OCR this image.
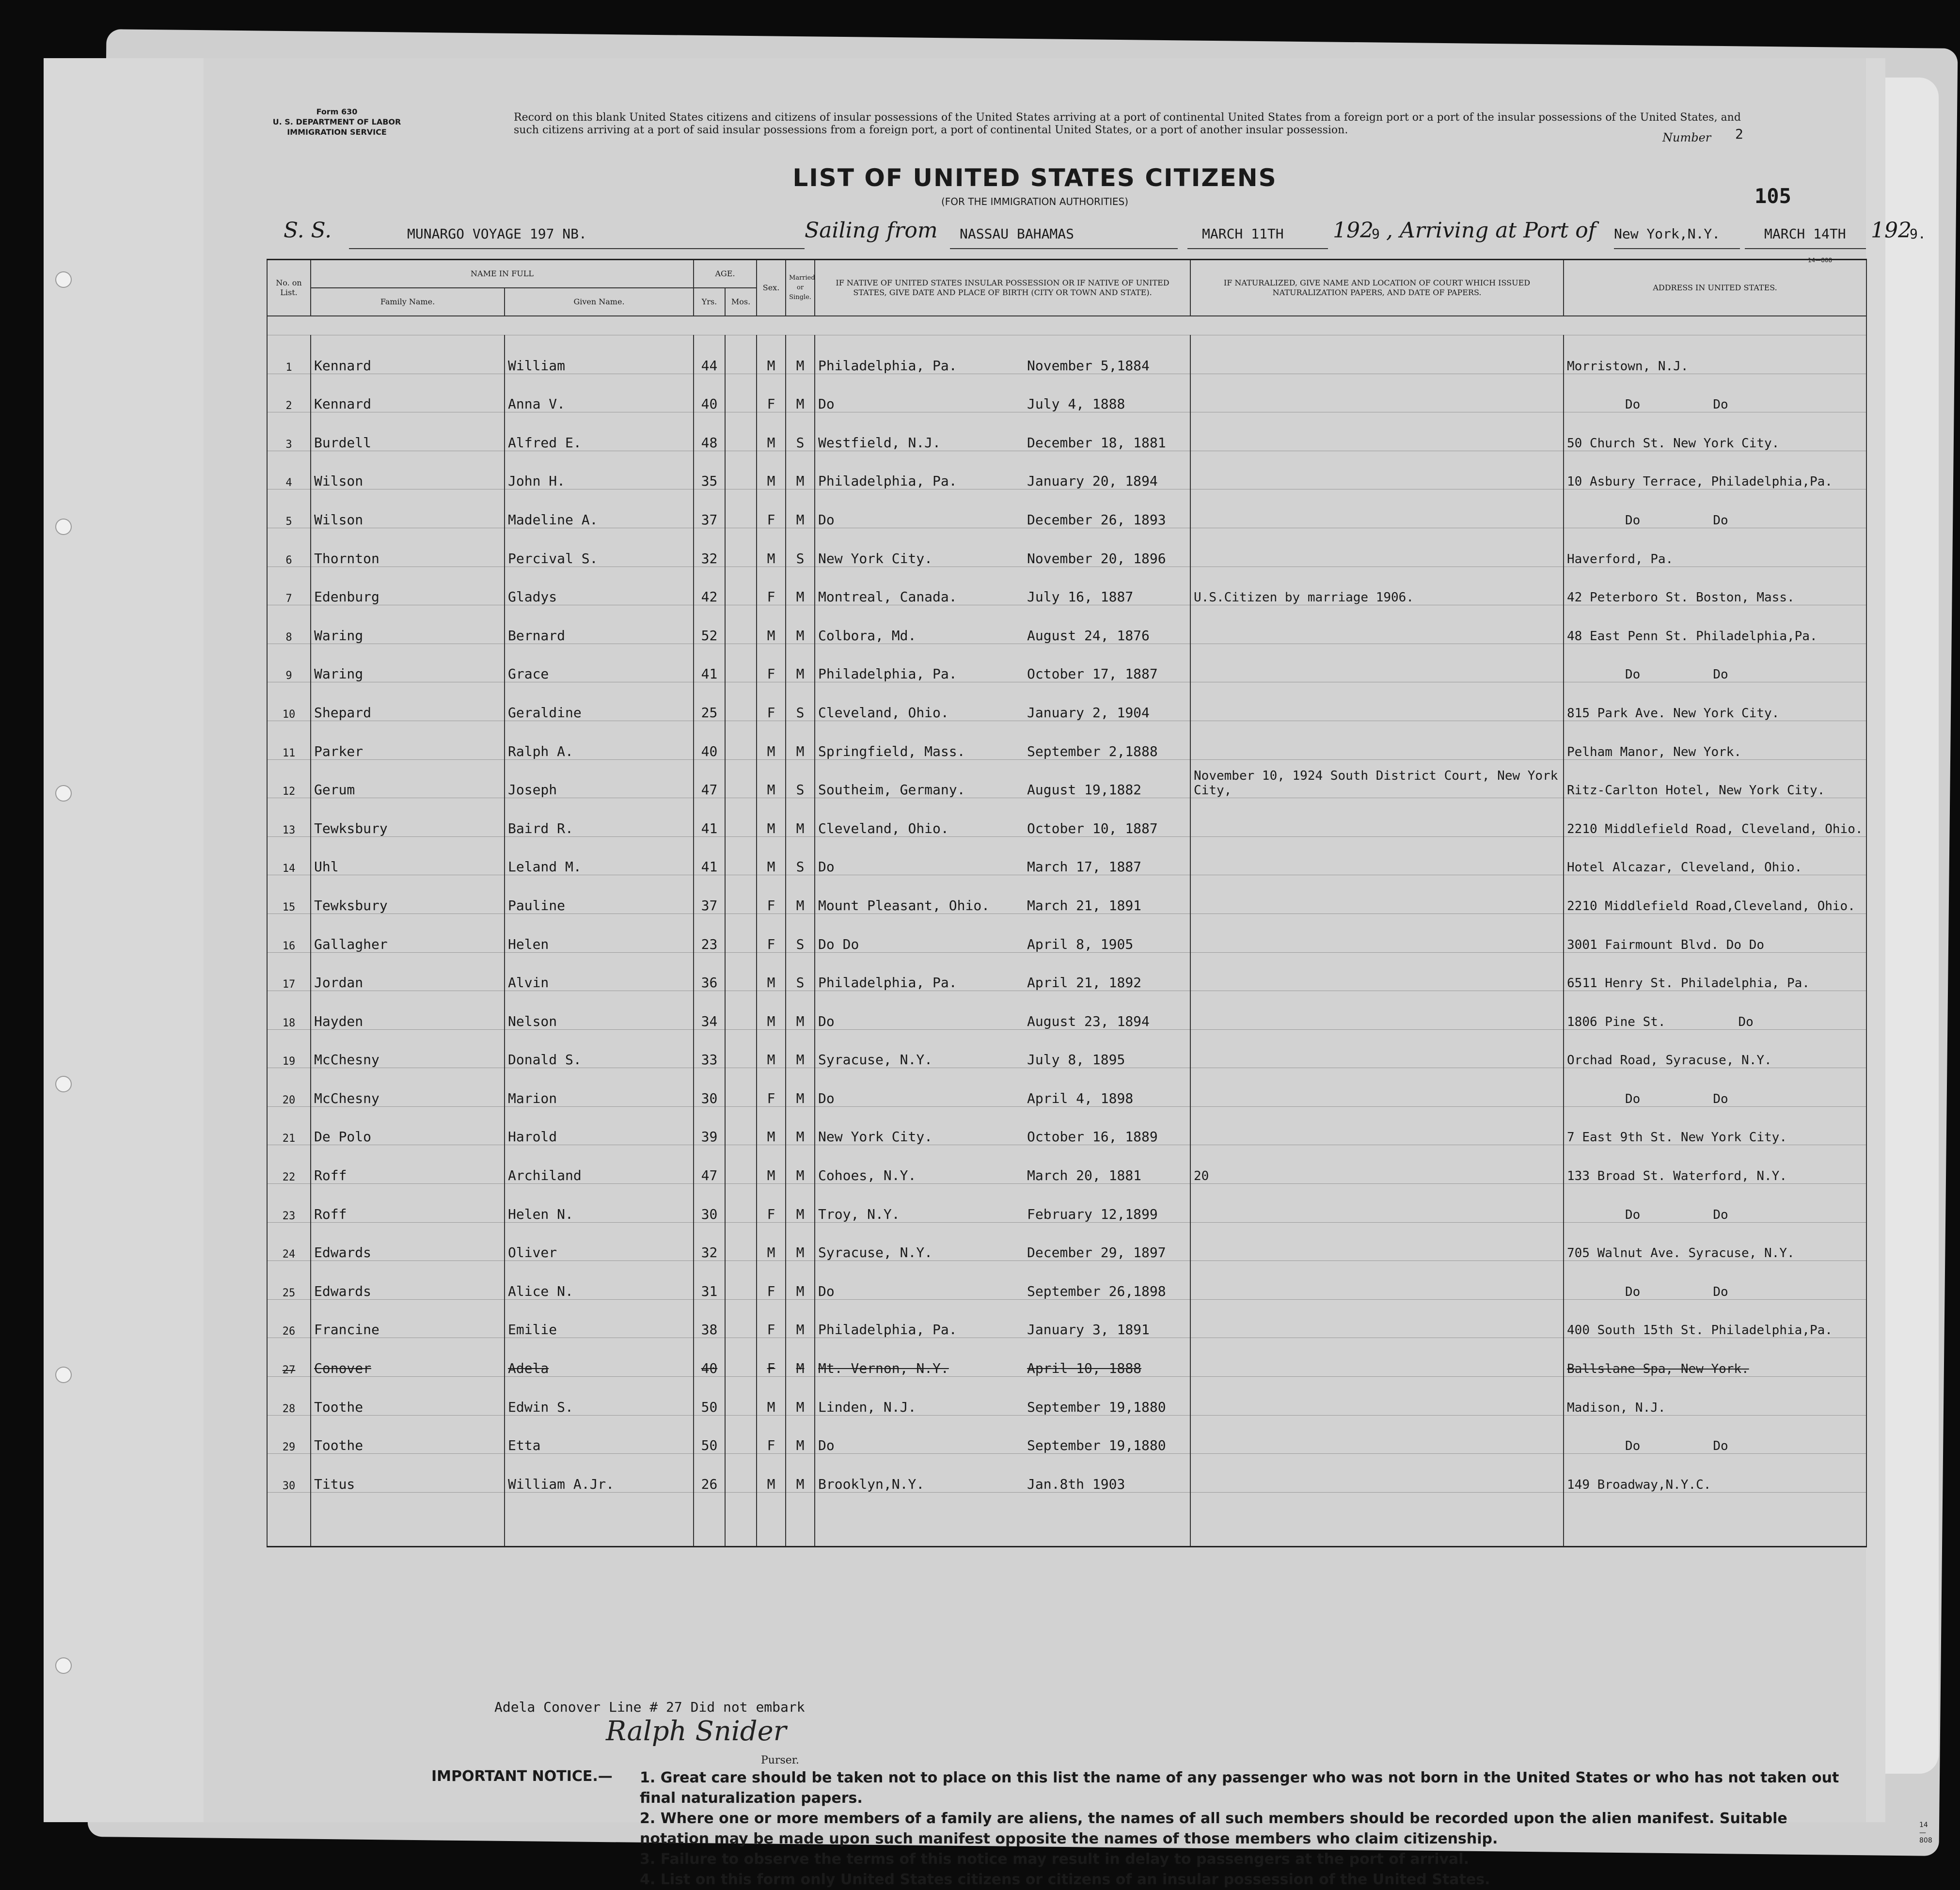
Form 630
U. S. DEPARTMENT OF LABOR
IMMIGRATION SERVICE
Record on this blank United States citizens and citizens of insular possessions of the United States arriving at a port of continental United States from a foreign port or a port of the insular possessions of the United States, and such citizens arriving at a port of said insular possessions from a foreign port, a port of continental United States, or a port of another insular possession.
Number 2
LIST OF UNITED STATES CITIZENS
(FOR THE IMMIGRATION AUTHORITIES)	105
S. S.	MUNARGO VOYAGE 197 NB.	Sailing from NASSAU BAHAMAS	MARCH 11TH 192
9 , Arriving at Port of New York,N.Y.	MARCH 14TH 192
9.
14—808
No. on List.	NAME IN FULL		AGE.		Sex.	Married or Single.	IF NATIVE OF UNITED STATES INSULAR POSSESSION OR IF NATIVE OF UNITED STATES, GIVE DATE AND PLACE OF BIRTH (CITY OR TOWN AND STATE).	IF NATURALIZED, GIVE NAME AND LOCATION OF COURT WHICH ISSUED NATURALIZATION PAPERS, AND DATE OF PAPERS.	ADDRESS IN UNITED STATES.
	Family Name.	Given Name.	Yrs.	Mos.					

1	Kennard	William	44		M	M	Philadelphia, Pa. November 5,1884		Morristown, N.J.

2	Kennard	Anna V.	40		F	M	Do July 4, 1888		Do Do

3	Burdell	Alfred E.	48		M	S	Westfield, N.J. December 18, 1881		50 Church St. New York City.

4	Wilson	John H.	35		M	M	Philadelphia, Pa. January 20, 1894		10 Asbury Terrace, Philadelphia,Pa.

5	Wilson	Madeline A.	37		F	M	Do December 26, 1893		Do Do

6	Thornton	Percival S.	32		M	S	New York City. November 20, 1896		Haverford, Pa.

7	Edenburg	Gladys	42		F	M	Montreal, Canada. July 16, 1887	U.S.Citizen by marriage 1906.	42 Peterboro St. Boston, Mass.

8	Waring	Bernard	52		M	M	Colbora, Md. August 24, 1876		48 East Penn St. Philadelphia,Pa.

9	Waring	Grace	41		F	M	Philadelphia, Pa. October 17, 1887		Do Do

10	Shepard	Geraldine	25		F	S	Cleveland, Ohio. January 2, 1904		815 Park Ave. New York City.

11	Parker	Ralph A.	40		M	M	Springfield, Mass. September 2,1888		Pelham Manor, New York.

12	Gerum	Joseph	47		M	S	Southeim, Germany. August 19,1882	November 10, 1924 South District Court, New York City,	Ritz-Carlton Hotel, New York City.

13	Tewksbury	Baird R.	41		M	M	Cleveland, Ohio. October 10, 1887		2210 Middlefield Road, Cleveland, Ohio.

14	Uhl	Leland M.	41		M	S	Do March 17, 1887		Hotel Alcazar, Cleveland, Ohio.

15	Tewksbury	Pauline	37		F	M	Mount Pleasant, Ohio. March 21, 1891		2210 Middlefield Road,Cleveland, Ohio.

16	Gallagher	Helen	23		F	S	Do Do April 8, 1905		3001 Fairmount Blvd. Do Do

17	Jordan	Alvin	36		M	S	Philadelphia, Pa. April 21, 1892		6511 Henry St. Philadelphia, Pa.

18	Hayden	Nelson	34		M	M	Do August 23, 1894		1806 Pine St. Do

19	McChesny	Donald S.	33		M	M	Syracuse, N.Y. July 8, 1895		Orchad Road, Syracuse, N.Y.

20	McChesny	Marion	30		F	M	Do April 4, 1898		Do Do

21	De Polo	Harold	39		M	M	New York City. October 16, 1889		7 East 9th St. New York City.

22	Roff	Archiland	47		M	M	Cohoes, N.Y. March 20, 1881	20	133 Broad St. Waterford, N.Y.

23	Roff	Helen N.	30		F	M	Troy, N.Y. February 12,1899		Do Do

24	Edwards	Oliver	32		M	M	Syracuse, N.Y. December 29, 1897		705 Walnut Ave. Syracuse, N.Y.

25	Edwards	Alice N.	31		F	M	Do September 26,1898		Do Do

26	Francine	Emilie	38		F	M	Philadelphia, Pa. January 3, 1891		400 South 15th St. Philadelphia,Pa.

27	Conover	Adela	40		F	M	Mt. Vernon, N.Y. April 10, 1888		Ballslane Spa, New York.

28	Toothe	Edwin S.	50		M	M	Linden, N.J. September 19,1880		Madison, N.J.

29	Toothe	Etta	50		F	M	Do September 19,1880		Do Do

30	Titus	William A.Jr.	26		M	M	Brooklyn,N.Y. Jan.8th 1903		149 Broadway,N.Y.C.

Adela Conover Line # 27 Did not embark
Ralph Snider
Purser.
IMPORTANT NOTICE.— 1. Great care should be taken not to place on this list the name of any passenger who was not born in the United States or who has not taken out final naturalization papers.
2. Where one or more members of a family are aliens, the names of all such members should be recorded upon the alien manifest. Suitable notation may be made upon such manifest opposite the names of those members who claim citizenship.
3. Failure to observe the terms of this notice may result in delay to passengers at the port of arrival.
4. List on this form only United States citizens or citizens of an insular possession of the United States.
14—808
